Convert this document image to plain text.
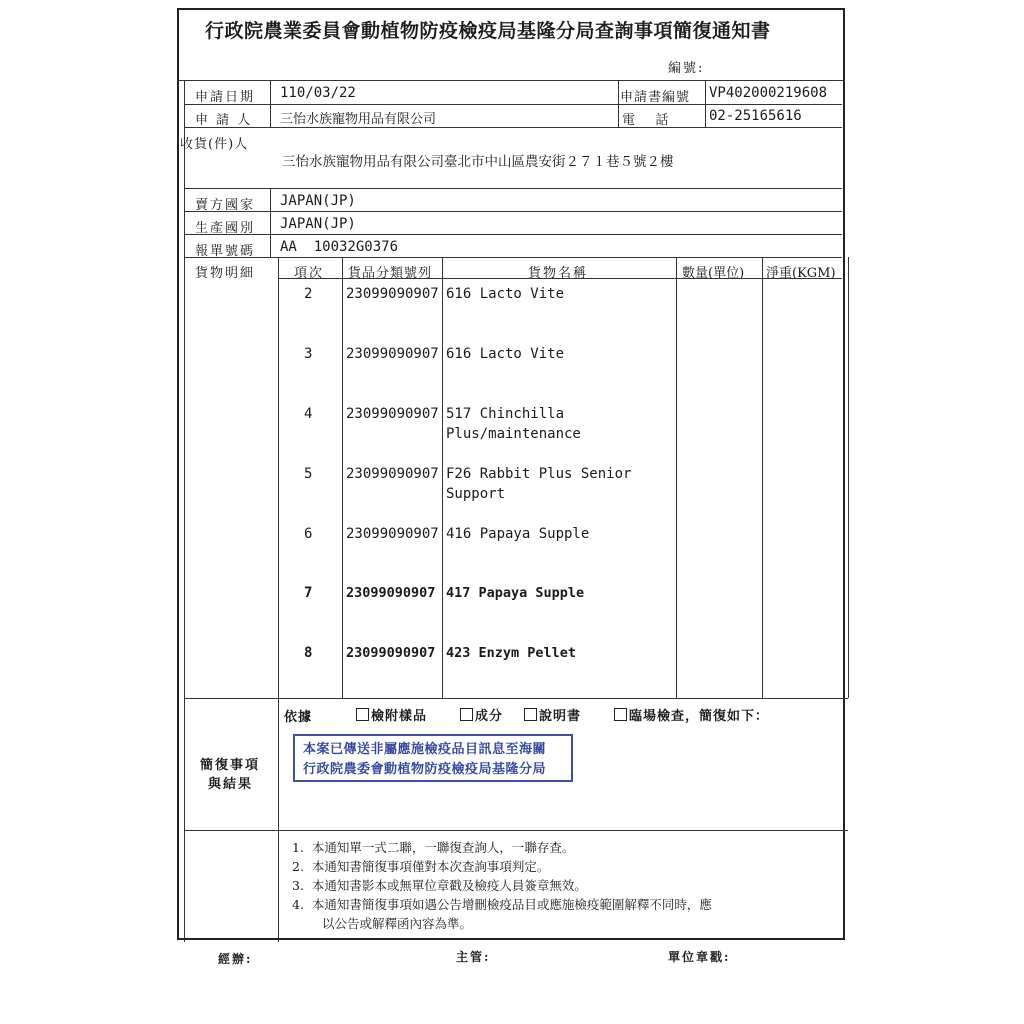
行政院農業委員會動植物防疫檢疫局基隆分局查詢事項簡復通知書
編號:
申請日期 110/03/22	申請書編號 VP402000219608
申 請 人 三怡水族寵物用品有限公司	電   話	02-25165616
收貨(件)人
三怡水族寵物用品有限公司臺北市中山區農安街２７１巷５號２樓
賣方國家 JAPAN(JP)
生產國別 JAPAN(JP)
報單號碼 AA  10032G0376
貨物明細	項次 貨品分類號列	貨物名稱	數量(單位) 淨重(KGM)
2 23099090907 616 Lacto Vite
3 23099090907 616 Lacto Vite
4 23099090907 517 Chinchilla
Plus/maintenance
5 23099090907 F26 Rabbit Plus Senior
Support
6 23099090907 416 Papaya Supple
7 23099090907 417 Papaya Supple
8 23099090907 423 Enzym Pellet
簡復事項
與結果
依據	檢附樣品	成分	說明書	臨場檢查，簡復如下：
本案已傳送非屬應施檢疫品目訊息至海關
行政院農委會動植物防疫檢疫局基隆分局
1. 本通知單一式二聯，一聯復查詢人，一聯存查。
2. 本通知書簡復事項僅對本次查詢事項判定。
3. 本通知書影本或無單位章戳及檢疫人員簽章無效。
4. 本通知書簡復事項如遇公告增刪檢疫品目或應施檢疫範圍解釋不同時，應
以公告或解釋函內容為準。
經辦:	主管:	單位章戳:
